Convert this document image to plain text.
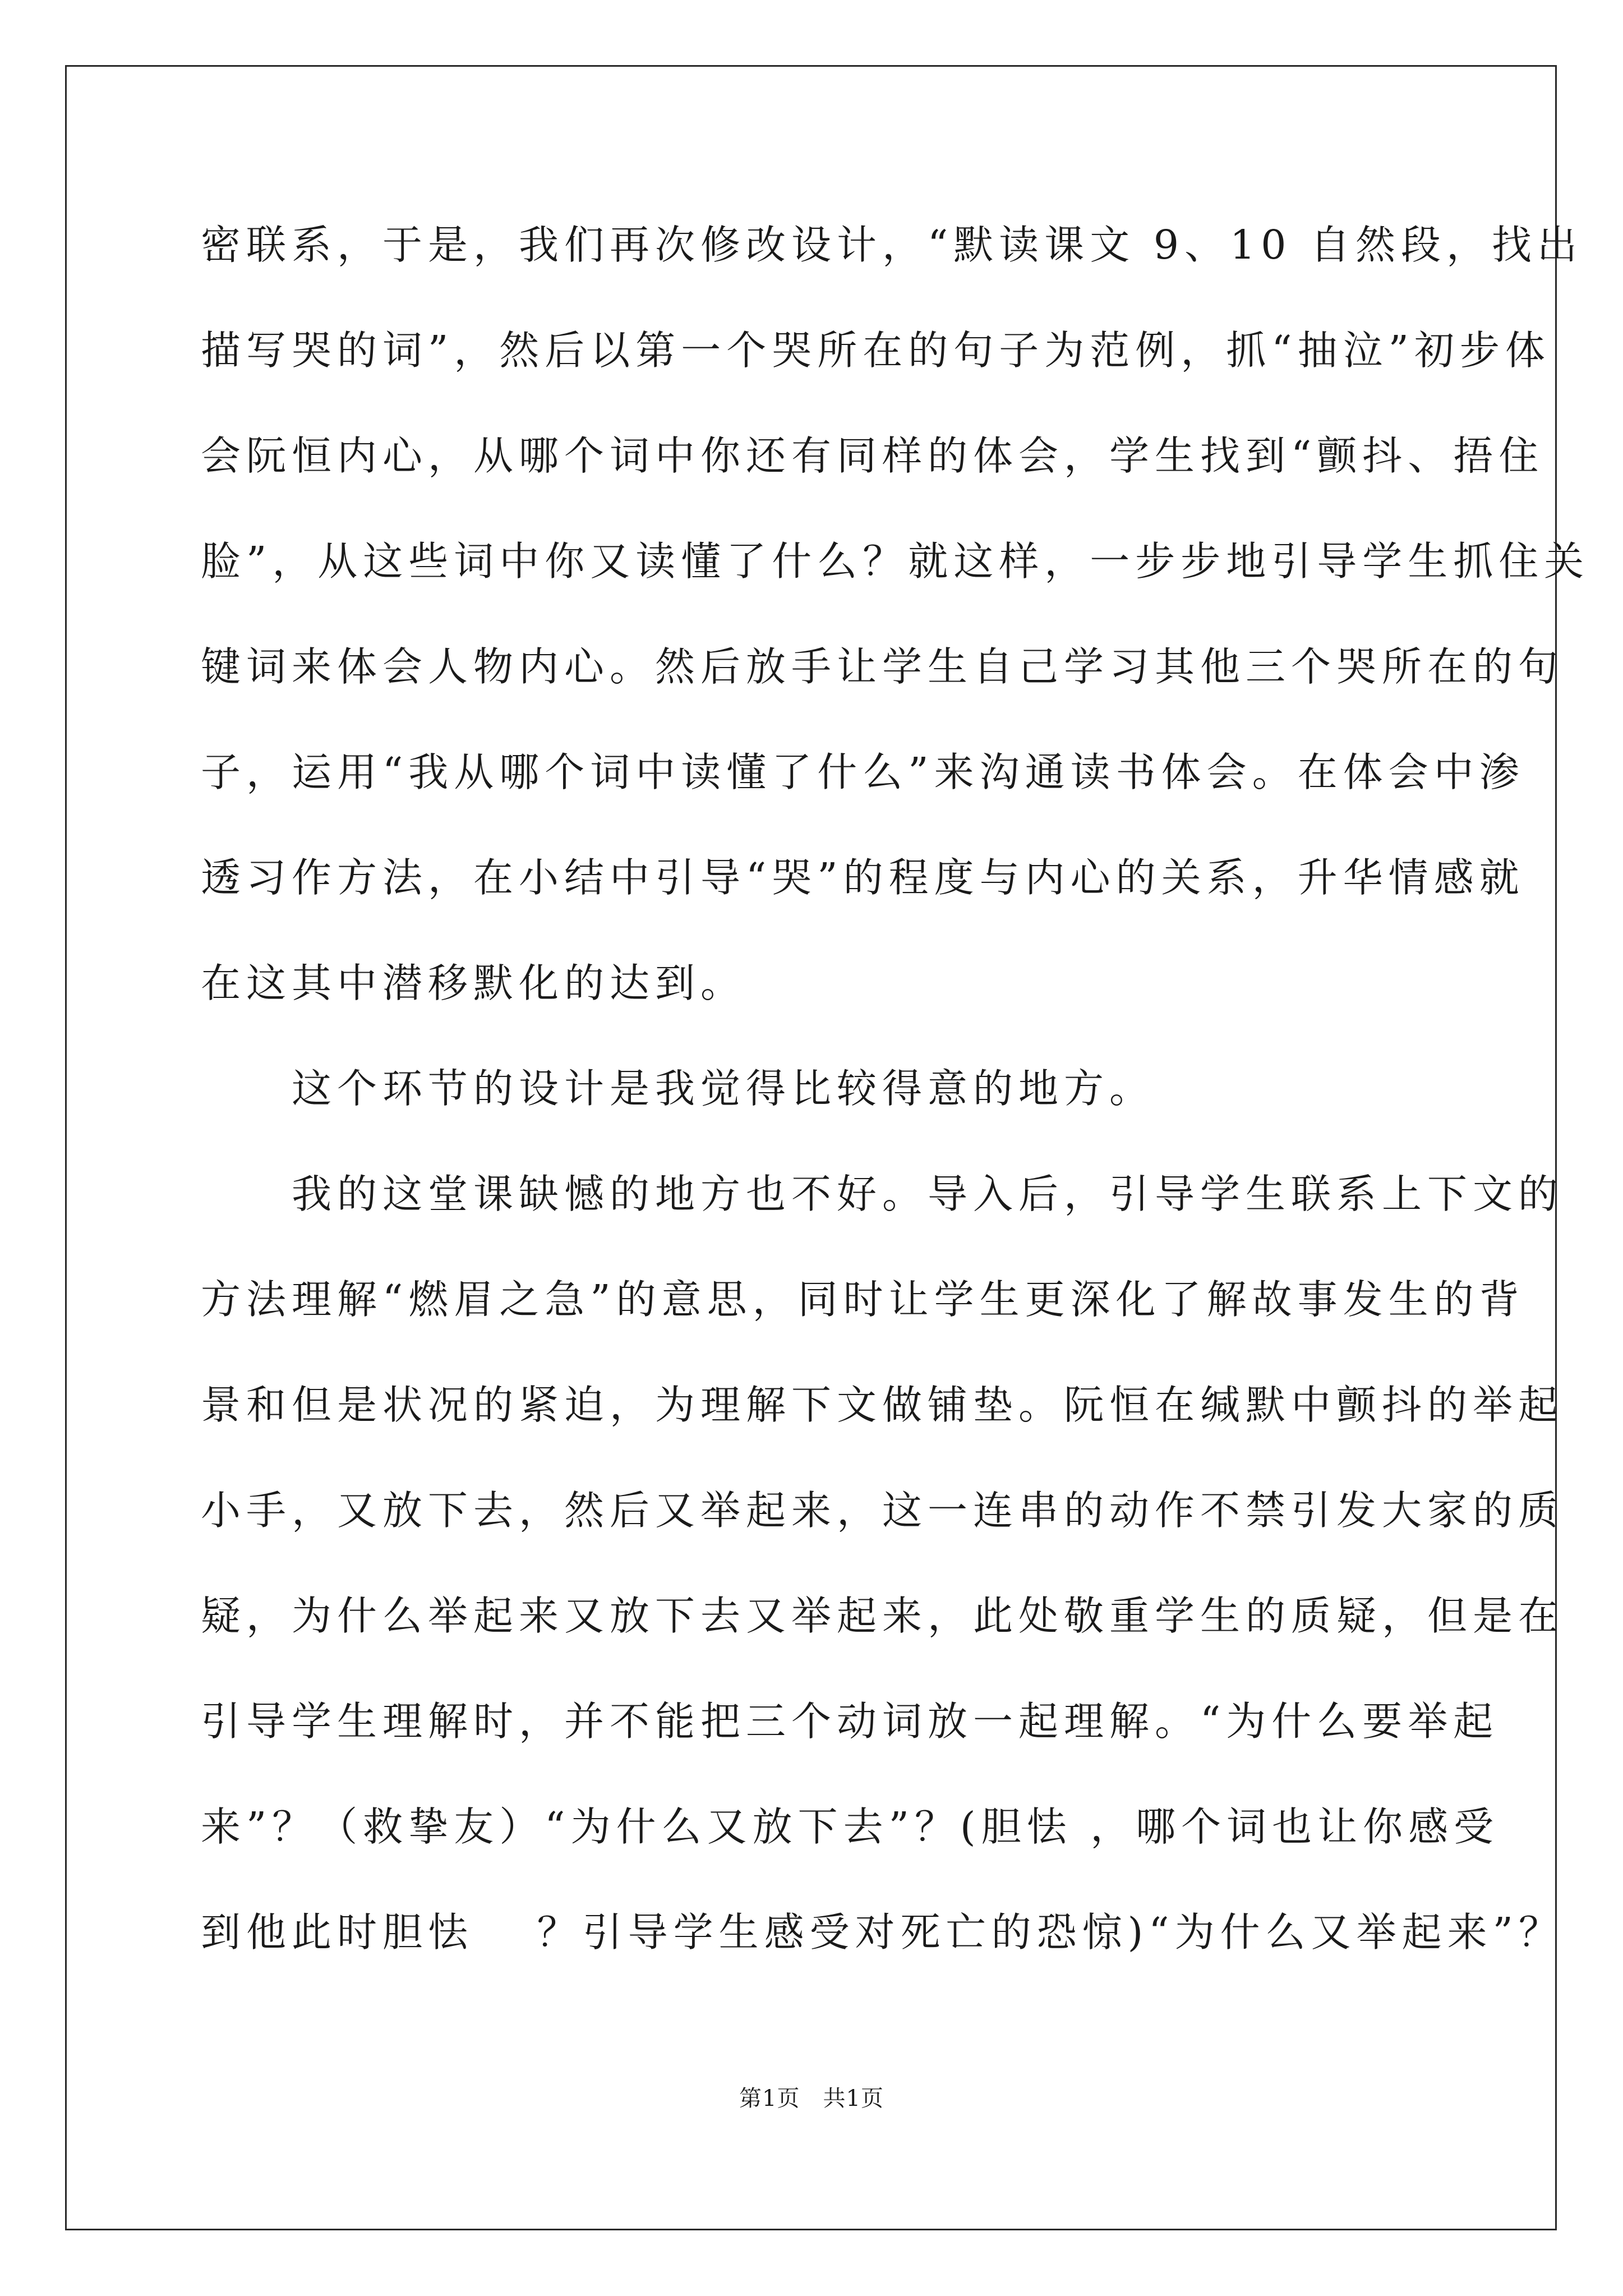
密联系，于是，我们再次修改设计，“默读课文 9、10 自然段，找出
描写哭的词”，然后以第一个哭所在的句子为范例，抓“抽泣”初步体
会阮恒内心，从哪个词中你还有同样的体会，学生找到“颤抖、捂住
脸”，从这些词中你又读懂了什么？就这样，一步步地引导学生抓住关
键词来体会人物内心。然后放手让学生自己学习其他三个哭所在的句
子，运用“我从哪个词中读懂了什么”来沟通读书体会。在体会中渗
透习作方法，在小结中引导“哭”的程度与内心的关系，升华情感就
在这其中潜移默化的达到。
　　这个环节的设计是我觉得比较得意的地方。
　　我的这堂课缺憾的地方也不好。导入后，引导学生联系上下文的
方法理解“燃眉之急”的意思，同时让学生更深化了解故事发生的背
景和但是状况的紧迫，为理解下文做铺垫。阮恒在缄默中颤抖的举起
小手，又放下去，然后又举起来，这一连串的动作不禁引发大家的质
疑，为什么举起来又放下去又举起来，此处敬重学生的质疑，但是在
引导学生理解时，并不能把三个动词放一起理解。“为什么要举起
来”？（救挚友）“为什么又放下去”？(胆怯 ，哪个词也让你感受
到他此时胆怯 　？引导学生感受对死亡的恐惊)“为什么又举起来”？
第1页　共1页
